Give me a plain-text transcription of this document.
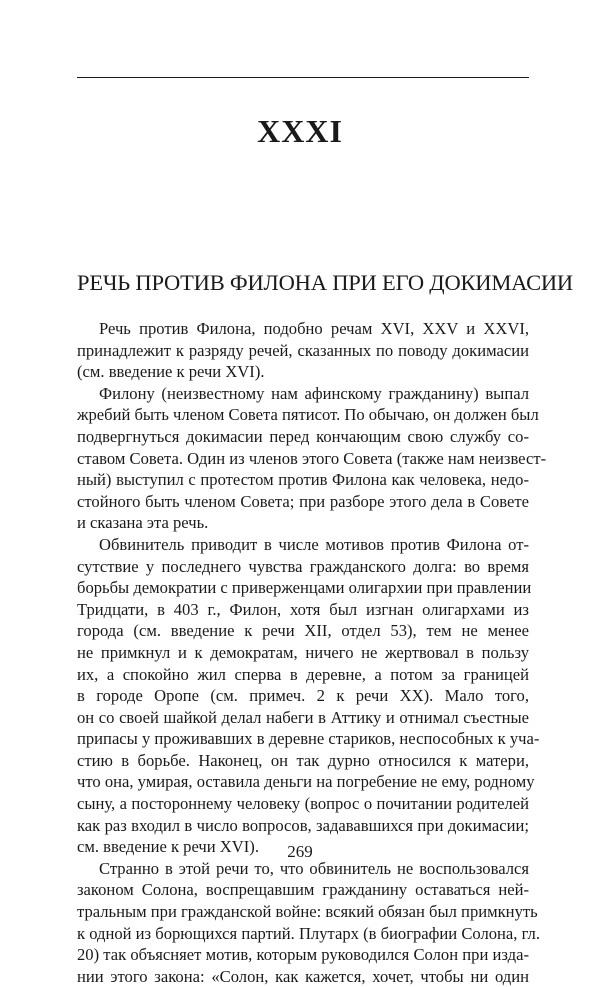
XXXI
РЕЧЬ ПРОТИВ ФИЛОНА ПРИ ЕГО ДОКИМАСИИ
Речь против Филона, подобно речам XVI, XXV и XXVI,
принадлежит к разряду речей, сказанных по поводу докимасии
(см. введение к речи XVI).
Филону (неизвестному нам афинскому гражданину) выпал
жребий быть членом Совета пятисот. По обычаю, он должен был
подвергнуться докимасии перед кончающим свою службу со-
ставом Совета. Один из членов этого Совета (также нам неизвест-
ный) выступил с протестом против Филона как человека, недо-
стойного быть членом Совета; при разборе этого дела в Совете
и сказана эта речь.
Обвинитель приводит в числе мотивов против Филона от-
сутствие у последнего чувства гражданского долга: во время
борьбы демократии с приверженцами олигархии при правлении
Тридцати, в 403 г., Филон, хотя был изгнан олигархами из
города (см. введение к речи XII, отдел 53), тем не менее
не примкнул и к демократам, ничего не жертвовал в пользу
их, а спокойно жил сперва в деревне, а потом за границей
в городе Оропе (см. примеч. 2 к речи XX). Мало того,
он со своей шайкой делал набеги в Аттику и отнимал съестные
припасы у проживавших в деревне стариков, неспособных к уча-
стию в борьбе. Наконец, он так дурно относился к матери,
что она, умирая, оставила деньги на погребение не ему, родному
сыну, а постороннему человеку (вопрос о почитании родителей
как раз входил в число вопросов, задававшихся при докимасии;
см. введение к речи XVI).
Странно в этой речи то, что обвинитель не воспользовался
законом Солона, воспрещавшим гражданину оставаться ней-
тральным при гражданской войне: всякий обязан был примкнуть
к одной из борющихся партий. Плутарх (в биографии Солона, гл.
20) так объясняет мотив, которым руководился Солон при изда-
нии этого закона: «Солон, как кажется, хочет, чтобы ни один
269
